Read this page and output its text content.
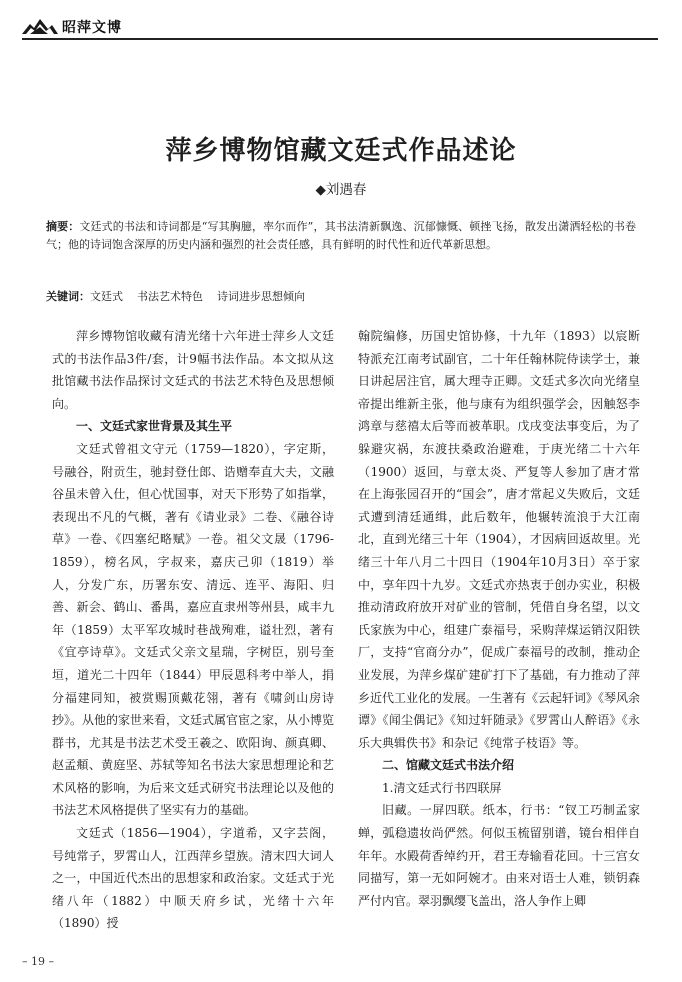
昭萍文博
萍乡博物馆藏文廷式作品述论
◆刘遇春
摘要：文廷式的书法和诗词都是“写其胸臆，率尔而作”，其书法清新飘逸、沉郁慷慨、顿挫飞扬，散发出潇洒轻松的书卷气；他的诗词饱含深厚的历史内涵和强烈的社会责任感，具有鲜明的时代性和近代革新思想。
关键词：文廷式 书法艺术特色 诗词进步思想倾向

萍乡博物馆收藏有清光绪十六年进士萍乡人文廷式的书法作品3件/套，计9幅书法作品。本文拟从这批馆藏书法作品探讨文廷式的书法艺术特色及思想倾向。

一、文廷式家世背景及其生平

文廷式曾祖文守元（1759—1820），字定斯，号融谷，附贡生，驰封登仕郎、诰赠奉直大夫，文融谷虽未曾入仕，但心忧国事，对天下形势了如指掌，表现出不凡的气概，著有《请业录》二卷、《融谷诗草》一卷、《四塞纪略赋》一卷。祖父文晟（1796-1859），榜名风，字叔来，嘉庆己卯（1819）举人，分发广东，历署东安、清远、连平、海阳、归善、新会、鹤山、番禺，嘉应直隶州等州县，咸丰九年（1859）太平军攻城时巷战殉难，谥壮烈，著有《宜亭诗草》。文廷式父亲文星瑞，字树臣，别号奎垣，道光二十四年（1844）甲辰恩科考中举人，捐分福建同知，被赏赐顶戴花翎，著有《啸剑山房诗抄》。从他的家世来看，文廷式属官宦之家，从小博览群书，尤其是书法艺术受王羲之、欧阳询、颜真卿、赵孟頫、黄庭坚、苏轼等知名书法大家思想理论和艺术风格的影响，为后来文廷式研究书法理论以及他的书法艺术风格提供了坚实有力的基础。

文廷式（1856—1904），字道希，又字芸阁，号纯常子，罗霄山人，江西萍乡望族。清末四大词人之一，中国近代杰出的思想家和政治家。文廷式于光绪八年（1882）中顺天府乡试，光绪十六年（1890）授

翰院编修，历国史馆协修，十九年（1893）以宸断特派充江南考试副官，二十年任翰林院侍读学士，兼日讲起居注官，属大理寺正卿。文廷式多次向光绪皇帝提出维新主张，他与康有为组织强学会，因触怒李鸿章与慈禧太后等而被革职。戊戌变法事变后，为了躲避灾祸，东渡扶桑政治避难，于庚光绪二十六年（1900）返回，与章太炎、严复等人参加了唐才常在上海张园召开的“国会”，唐才常起义失败后，文廷式遭到清廷通缉，此后数年，他辗转流浪于大江南北，直到光绪三十年（1904），才因病回返故里。光绪三十年八月二十四日（1904年10月3日）卒于家中，享年四十九岁。文廷式亦热衷于创办实业，积极推动清政府放开对矿业的管制，凭借自身名望，以文氏家族为中心，组建广泰福号，采购萍煤运销汉阳铁厂，支持“官商分办”，促成广泰福号的改制，推动企业发展，为萍乡煤矿建矿打下了基础，有力推动了萍乡近代工业化的发展。一生著有《云起轩词》《琴风余谭》《闻尘偶记》《知过轩随录》《罗霄山人醉语》《永乐大典辑佚书》和杂记《纯常子枝语》等。

二、馆藏文廷式书法介绍

1.清文廷式行书四联屏

旧藏。一屏四联。纸本，行书：“钗工巧制孟家蝉，弧稳遗妆尚俨然。何似玉梳留别谱，镜台相伴自年年。水殿荷香绰约开，君王寿输看花回。十三宫女同描写，第一无如阿婉才。由来对语士人难，锁钥森严付内官。翠羽飘缨飞盖出，洛人争作上卿

– 19 –
